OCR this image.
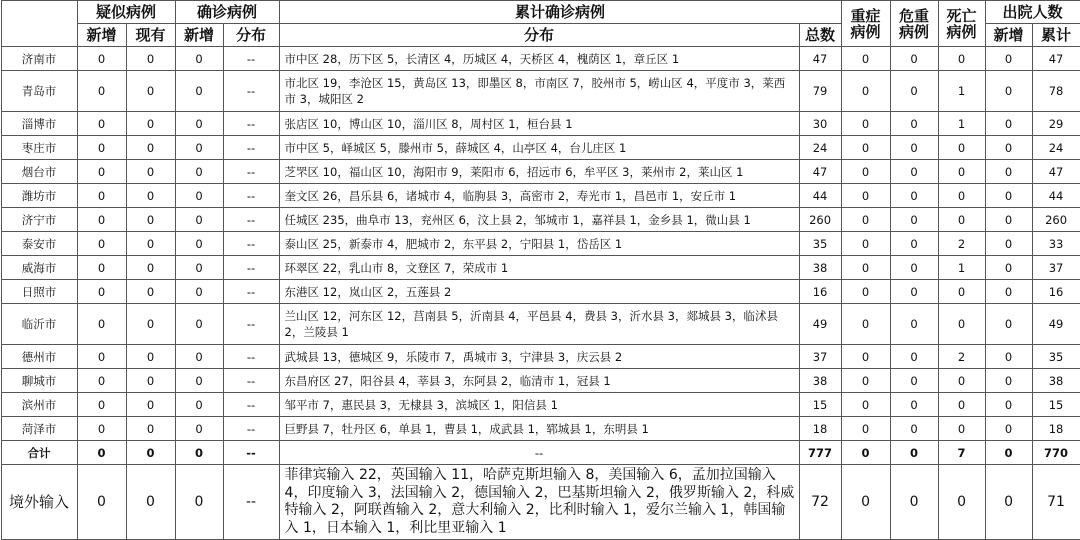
	疑似病例		确诊病例		累计确诊病例		重症病例	危重病例	死亡病例	出院人数	
	新增	现有	新增	分布	分布	总数				新增	累计
济南市	0	0	0	--	市中区 28，历下区 5，长清区 4，历城区 4，天桥区 4，槐荫区 1，章丘区 1	47	0	0	0	0	47
青岛市	0	0	0	--	市北区 19，李沧区 15，黄岛区 13，即墨区 8，市南区 7，胶州市 5，崂山区 4，平度市 3，莱西市 3，城阳区 2	79	0	0	1	0	78
淄博市	0	0	0	--	张店区 10，博山区 10，淄川区 8，周村区 1，桓台县 1	30	0	0	1	0	29
枣庄市	0	0	0	--	市中区 5，峄城区 5，滕州市 5，薛城区 4，山亭区 4，台儿庄区 1	24	0	0	0	0	24
烟台市	0	0	0	--	芝罘区 10，福山区 10，海阳市 9，莱阳市 6，招远市 6，牟平区 3，莱州市 2，莱山区 1	47	0	0	0	0	47
潍坊市	0	0	0	--	奎文区 26，昌乐县 6，诸城市 4，临朐县 3，高密市 2，寿光市 1，昌邑市 1，安丘市 1	44	0	0	0	0	44
济宁市	0	0	0	--	任城区 235，曲阜市 13，兖州区 6，汶上县 2，邹城市 1，嘉祥县 1，金乡县 1，微山县 1	260	0	0	0	0	260
泰安市	0	0	0	--	泰山区 25，新泰市 4，肥城市 2，东平县 2，宁阳县 1，岱岳区 1	35	0	0	2	0	33
威海市	0	0	0	--	环翠区 22，乳山市 8，文登区 7，荣成市 1	38	0	0	1	0	37
日照市	0	0	0	--	东港区 12，岚山区 2，五莲县 2	16	0	0	0	0	16
临沂市	0	0	0	--	兰山区 12，河东区 12，莒南县 5，沂南县 4，平邑县 4，费县 3，沂水县 3，郯城县 3，临沭县 2，兰陵县 1	49	0	0	0	0	49
德州市	0	0	0	--	武城县 13，德城区 9，乐陵市 7，禹城市 3，宁津县 3，庆云县 2	37	0	0	2	0	35
聊城市	0	0	0	--	东昌府区 27，阳谷县 4，莘县 3，东阿县 2，临清市 1，冠县 1	38	0	0	0	0	38
滨州市	0	0	0	--	邹平市 7，惠民县 3，无棣县 3，滨城区 1，阳信县 1	15	0	0	0	0	15
菏泽市	0	0	0	--	巨野县 7，牡丹区 6，单县 1，曹县 1，成武县 1，郓城县 1，东明县 1	18	0	0	0	0	18
合计	0	0	0	--	--	777	0	0	7	0	770
境外输入	0	0	0	--	菲律宾输入 22，英国输入 11，哈萨克斯坦输入 8，美国输入 6，孟加拉国输入 4，印度输入 3，法国输入 2，德国输入 2，巴基斯坦输入 2，俄罗斯输入 2，科威特输入 2，阿联酋输入 2，意大利输入 2，比利时输入 1，爱尔兰输入 1，韩国输入 1，日本输入 1，利比里亚输入 1	72	0	0	0	0	71
